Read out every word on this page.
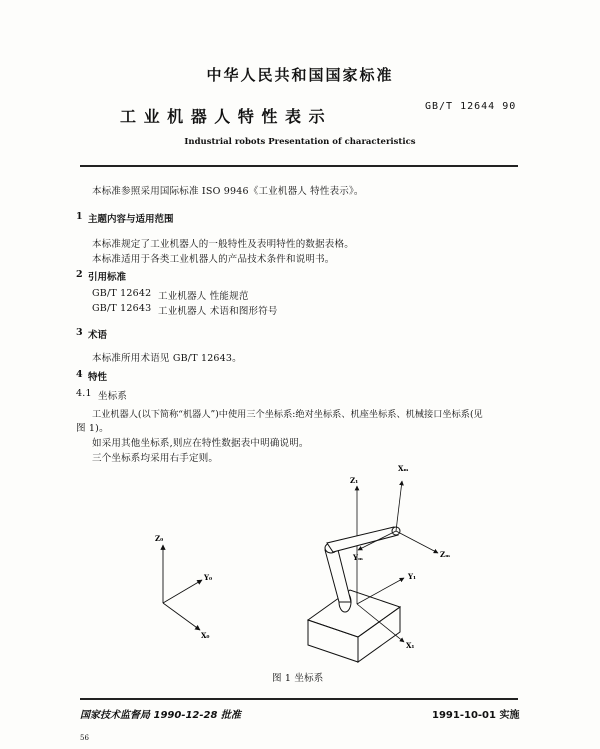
中华人民共和国国家标准
工 业 机 器 人 特 性 表 示
GB/T 12644 90
Industrial robots Presentation of characteristics
本标准参照采用国际标准 ISO 9946《工业机器人 特性表示》。
1 主题内容与适用范围
本标准规定了工业机器人的一般特性及表明特性的数据表格。
本标准适用于各类工业机器人的产品技术条件和说明书。
2 引用标准
GB/T 12642 工业机器人 性能规范
GB/T 12643 工业机器人 术语和图形符号
3 术语
本标准所用术语见 GB/T 12643。
4 特性
4.1 坐标系
工业机器人(以下简称“机器人”)中使用三个坐标系:绝对坐标系、机座坐标系、机械接口坐标系(见
图 1)。
如采用其他坐标系,则应在特性数据表中明确说明。
三个坐标系均采用右手定则。
Z₀
Y₀
X₀
Z₁
Y₁
X₁
Xₘ
Yₘ	Zₘ
图 1 坐标系
国家技术监督局 1990-12-28 批准	1991-10-01 实施
56
